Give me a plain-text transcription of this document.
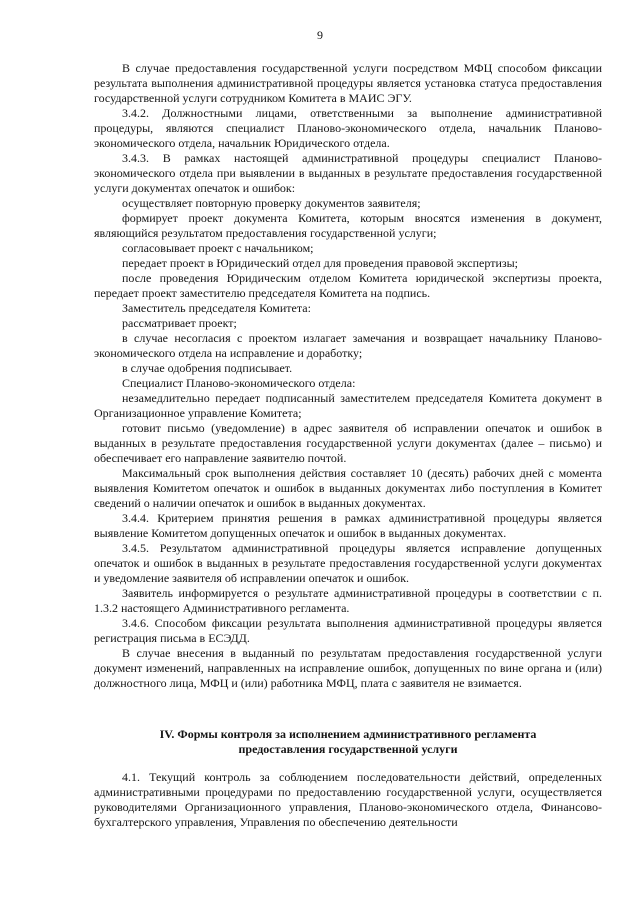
9

В случае предоставления государственной услуги посредством МФЦ способом фиксации результата выполнения административной процедуры является установка статуса предоставления государственной услуги сотрудником Комитета в МАИС ЭГУ.

3.4.2. Должностными лицами, ответственными за выполнение административной процедуры, являются специалист Планово-экономического отдела, начальник Планово-экономического отдела, начальник Юридического отдела.

3.4.3. В рамках настоящей административной процедуры специалист Планово-экономического отдела при выявлении в выданных в результате предоставления государственной услуги документах опечаток и ошибок:

осуществляет повторную проверку документов заявителя;

формирует проект документа Комитета, которым вносятся изменения в документ, являющийся результатом предоставления государственной услуги;

согласовывает проект с начальником;

передает проект в Юридический отдел для проведения правовой экспертизы;

после проведения Юридическим отделом Комитета юридической экспертизы проекта, передает проект заместителю председателя Комитета на подпись.

Заместитель председателя Комитета:

рассматривает проект;

в случае несогласия с проектом излагает замечания и возвращает начальнику Планово-экономического отдела на исправление и доработку;

в случае одобрения подписывает.

Специалист Планово-экономического отдела:

незамедлительно передает подписанный заместителем председателя Комитета документ в Организационное управление Комитета;

готовит письмо (уведомление) в адрес заявителя об исправлении опечаток и ошибок в выданных в результате предоставления государственной услуги документах (далее – письмо) и обеспечивает его направление заявителю почтой.

Максимальный срок выполнения действия составляет 10 (десять) рабочих дней с момента выявления Комитетом опечаток и ошибок в выданных документах либо поступления в Комитет сведений о наличии опечаток и ошибок в выданных документах.

3.4.4. Критерием принятия решения в рамках административной процедуры является выявление Комитетом допущенных опечаток и ошибок в выданных документах.

3.4.5. Результатом административной процедуры является исправление допущенных опечаток и ошибок в выданных в результате предоставления государственной услуги документах и уведомление заявителя об исправлении опечаток и ошибок.

Заявитель информируется о результате административной процедуры в соответствии с п. 1.3.2 настоящего Административного регламента.

3.4.6. Способом фиксации результата выполнения административной процедуры является регистрация письма в ЕСЭДД.

В случае внесения в выданный по результатам предоставления государственной услуги документ изменений, направленных на исправление ошибок, допущенных по вине органа и (или) должностного лица, МФЦ и (или) работника МФЦ, плата с заявителя не взимается.

IV. Формы контроля за исполнением административного регламента
предоставления государственной услуги

4.1. Текущий контроль за соблюдением последовательности действий, определенных административными процедурами по предоставлению государственной услуги, осуществляется руководителями Организационного управления, Планово-экономического отдела, Финансово-бухгалтерского управления, Управления по обеспечению деятельности
